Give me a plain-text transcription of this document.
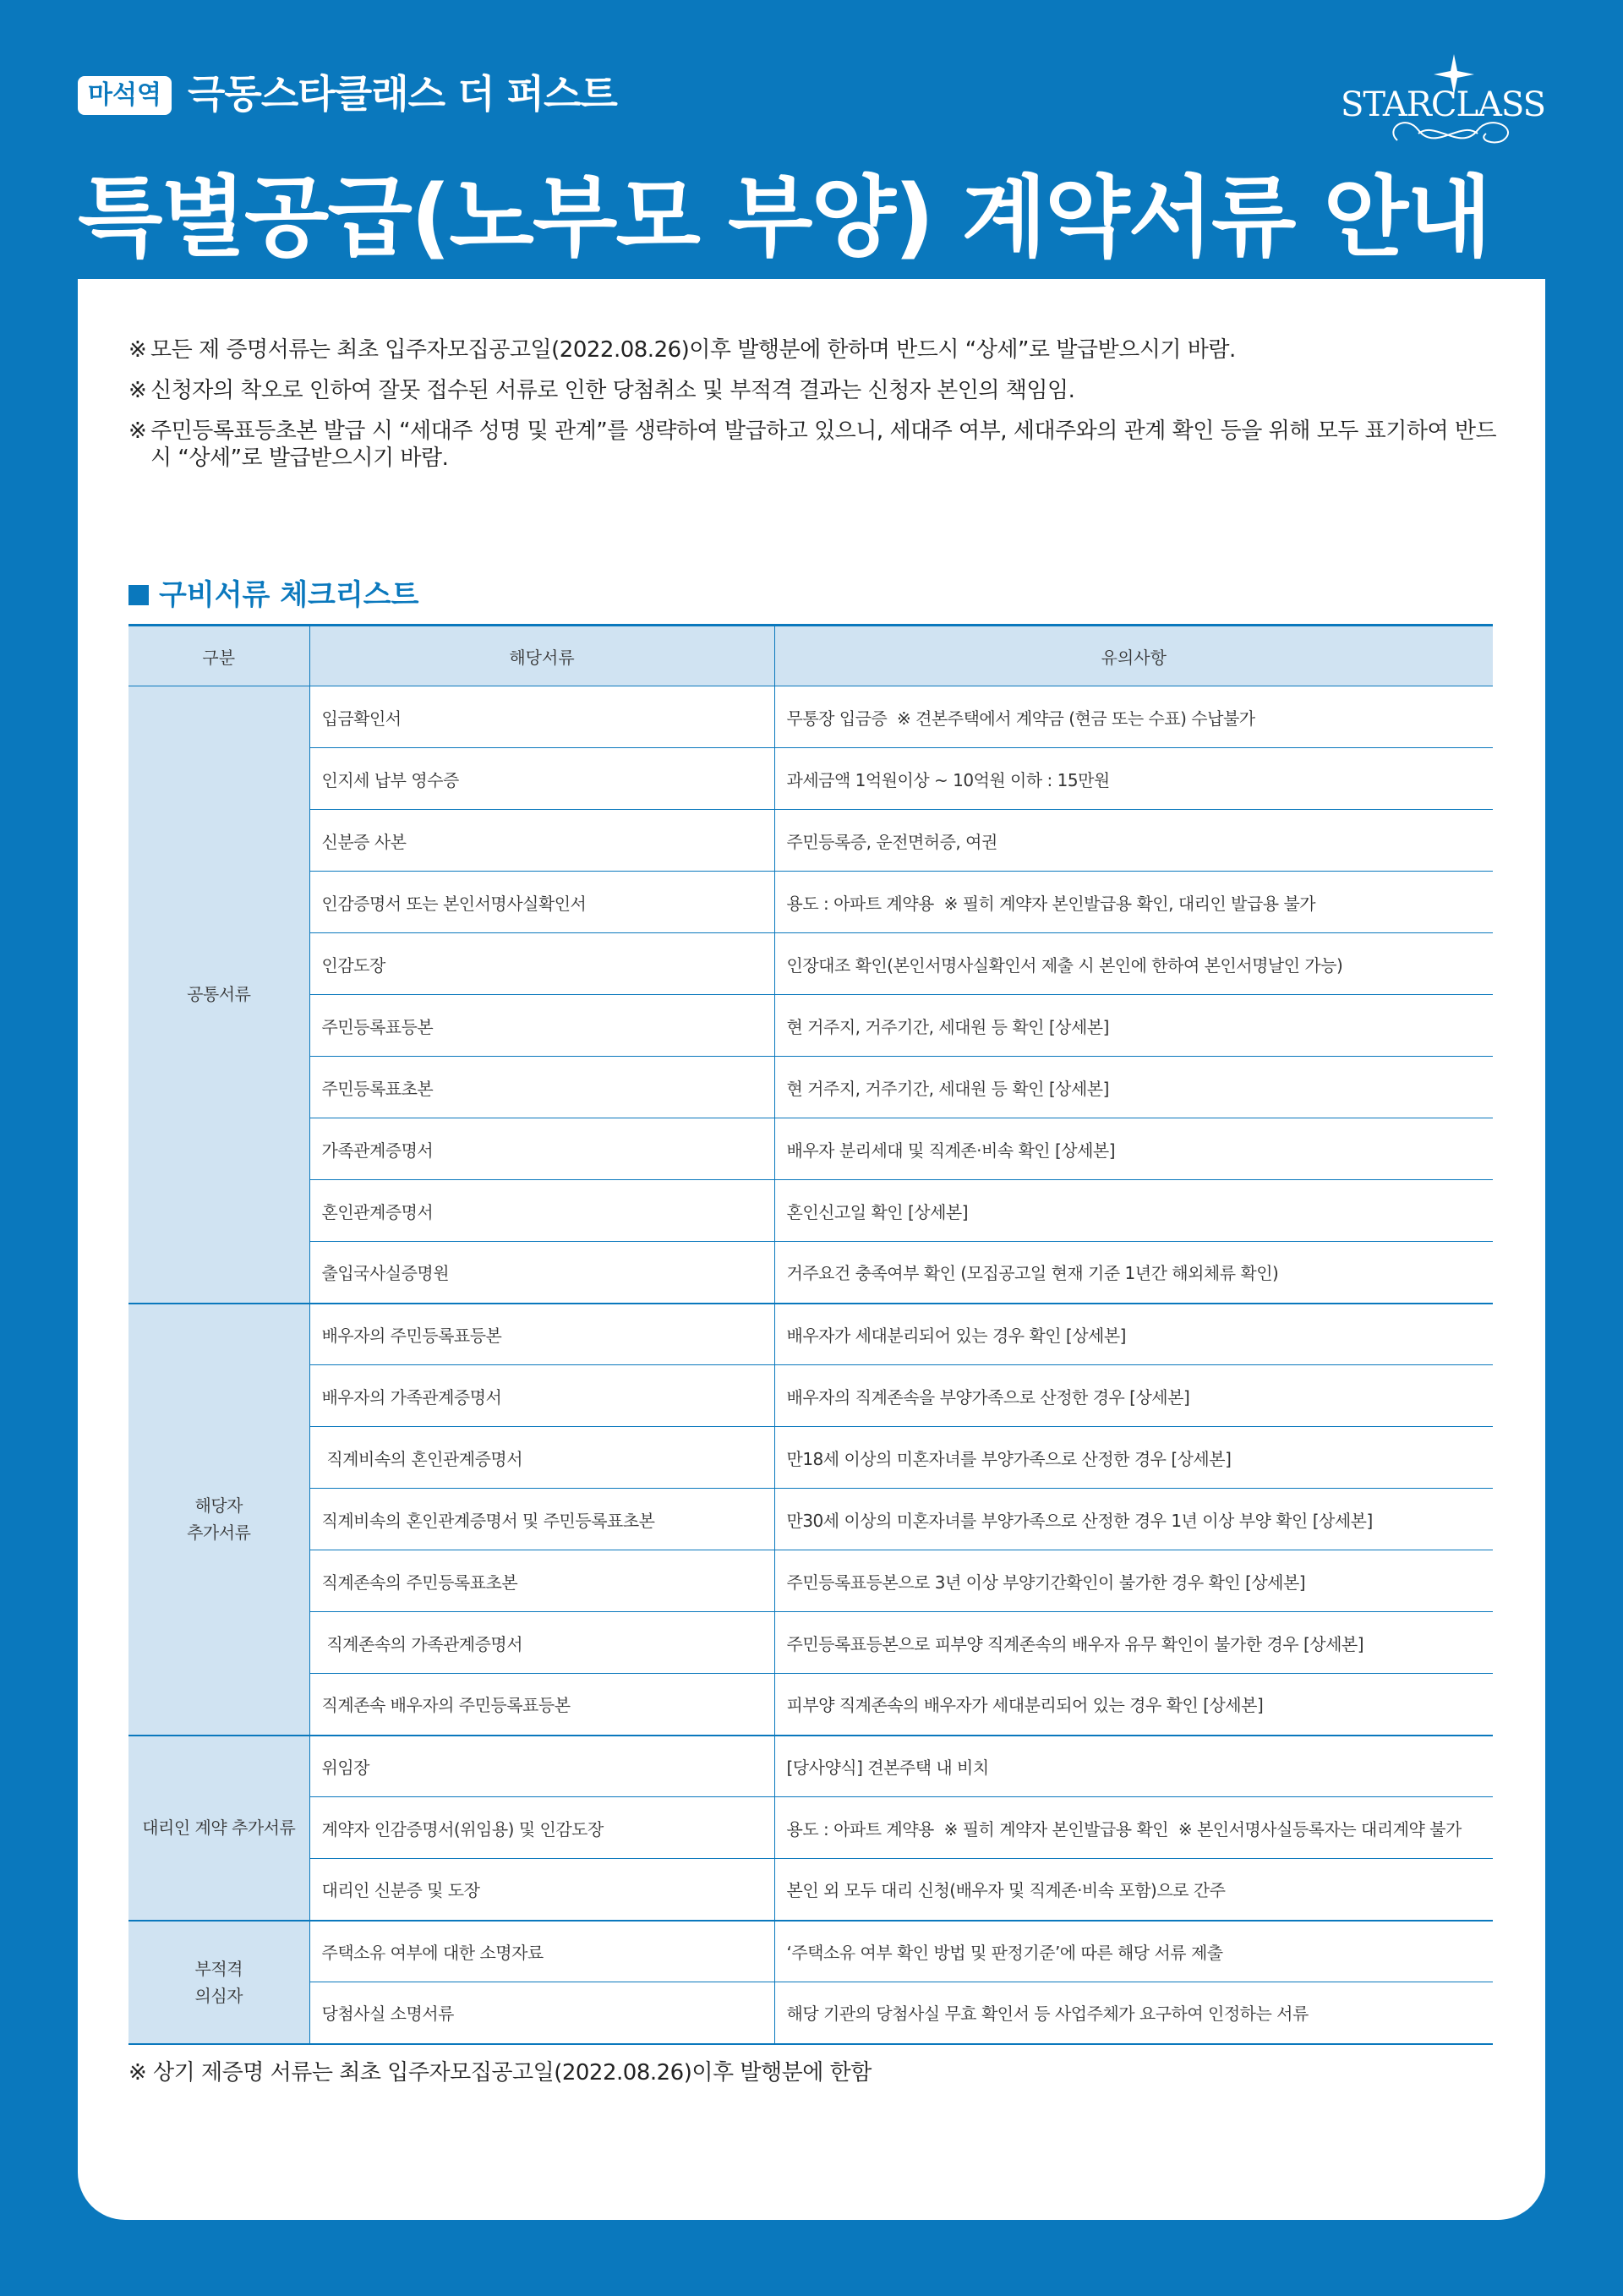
마석역 극동스타클래스 더 퍼스트
특별공급(노부모 부양) 계약서류 안내
STARCLASS

※ 모든 제 증명서류는 최초 입주자모집공고일(2022.08.26)이후 발행분에 한하며 반드시 “상세”로 발급받으시기 바람.

※ 신청자의 착오로 인하여 잘못 접수된 서류로 인한 당첨취소 및 부적격 결과는 신청자 본인의 책임임.

※ 주민등록표등초본 발급 시 “세대주 성명 및 관계”를 생략하여 발급하고 있으니, 세대주 여부, 세대주와의 관계 확인 등을 위해 모두 표기하여 반드시 “상세”로 발급받으시기 바람.

구비서류 체크리스트
구분	해당서류	유의사항
공통서류	입금확인서	무통장 입금증  ※ 견본주택에서 계약금 (현금 또는 수표) 수납불가
	인지세 납부 영수증	과세금액 1억원이상 ~ 10억원 이하 : 15만원
	신분증 사본	주민등록증, 운전면허증, 여권
	인감증명서 또는 본인서명사실확인서	용도 : 아파트 계약용  ※ 필히 계약자 본인발급용 확인, 대리인 발급용 불가
	인감도장	인장대조 확인(본인서명사실확인서 제출 시 본인에 한하여 본인서명날인 가능)
	주민등록표등본	현 거주지, 거주기간, 세대원 등 확인 [상세본]
	주민등록표초본	현 거주지, 거주기간, 세대원 등 확인 [상세본]
	가족관계증명서	배우자 분리세대 및 직계존·비속 확인 [상세본]
	혼인관계증명서	혼인신고일 확인 [상세본]
	출입국사실증명원	거주요건 충족여부 확인 (모집공고일 현재 기준 1년간 해외체류 확인)
해당자
추가서류	배우자의 주민등록표등본	배우자가 세대분리되어 있는 경우 확인 [상세본]
	배우자의 가족관계증명서	배우자의 직계존속을 부양가족으로 산정한 경우 [상세본]
	직계비속의 혼인관계증명서	만18세 이상의 미혼자녀를 부양가족으로 산정한 경우 [상세본]
	직계비속의 혼인관계증명서 및 주민등록표초본	만30세 이상의 미혼자녀를 부양가족으로 산정한 경우 1년 이상 부양 확인 [상세본]
	직계존속의 주민등록표초본	주민등록표등본으로 3년 이상 부양기간확인이 불가한 경우 확인 [상세본]
	직계존속의 가족관계증명서	주민등록표등본으로 피부양 직계존속의 배우자 유무 확인이 불가한 경우 [상세본]
	직계존속 배우자의 주민등록표등본	피부양 직계존속의 배우자가 세대분리되어 있는 경우 확인 [상세본]
대리인 계약 추가서류	위임장	[당사양식] 견본주택 내 비치
	계약자 인감증명서(위임용) 및 인감도장	용도 : 아파트 계약용  ※ 필히 계약자 본인발급용 확인  ※ 본인서명사실등록자는 대리계약 불가
	대리인 신분증 및 도장	본인 외 모두 대리 신청(배우자 및 직계존·비속 포함)으로 간주
부적격
의심자	주택소유 여부에 대한 소명자료	‘주택소유 여부 확인 방법 및 판정기준’에 따른 해당 서류 제출
	당첨사실 소명서류	해당 기관의 당첨사실 무효 확인서 등 사업주체가 요구하여 인정하는 서류

※ 상기 제증명 서류는 최초 입주자모집공고일(2022.08.26)이후 발행분에 한함
